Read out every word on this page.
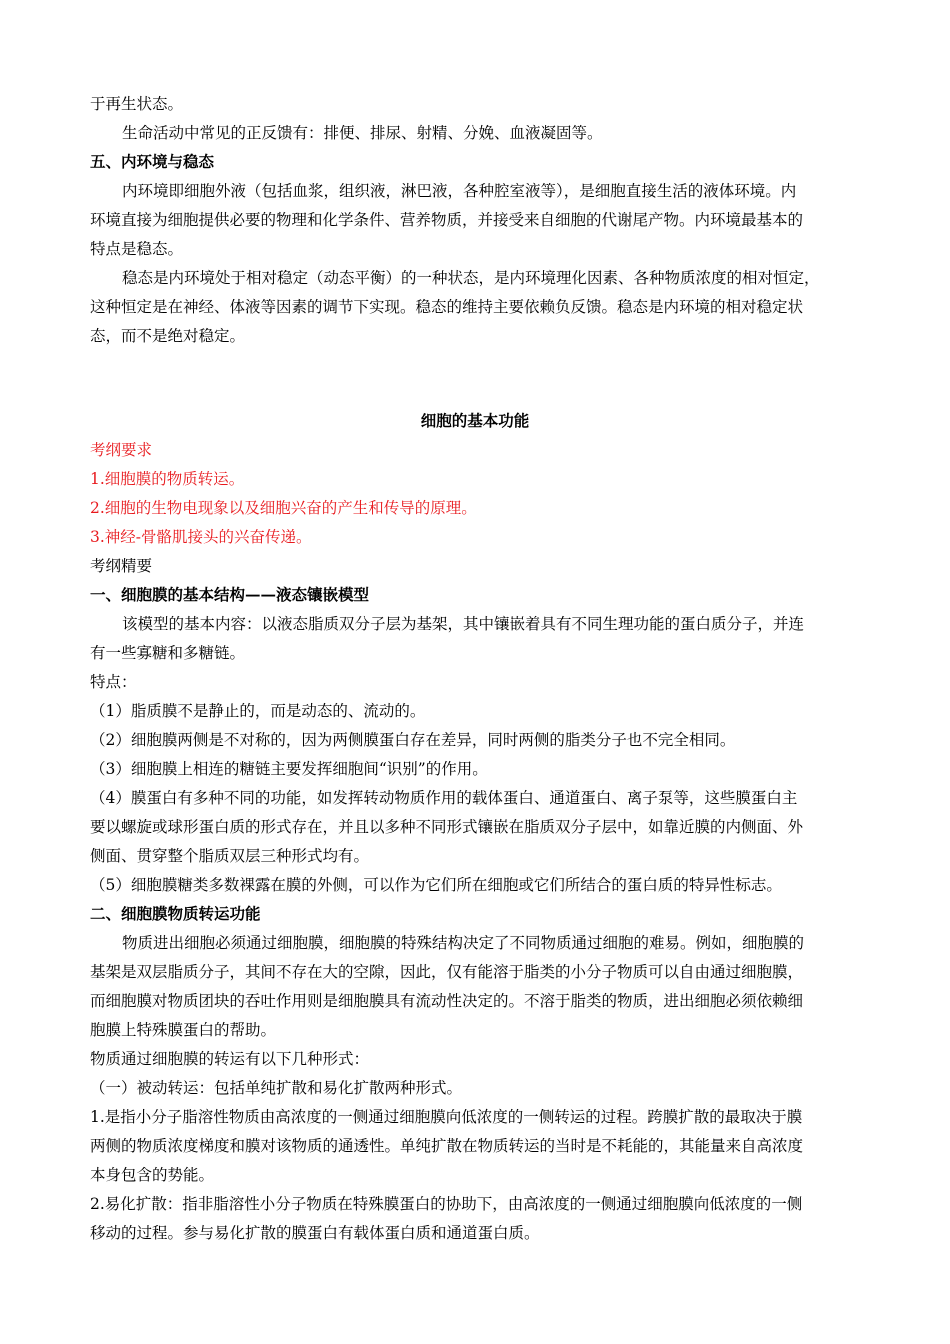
于再生状态。
生命活动中常见的正反馈有：排便、排尿、射精、分娩、血液凝固等。
五、内环境与稳态
内环境即细胞外液（包括血浆，组织液，淋巴液，各种腔室液等），是细胞直接生活的液体环境。内
环境直接为细胞提供必要的物理和化学条件、营养物质，并接受来自细胞的代谢尾产物。内环境最基本的
特点是稳态。
稳态是内环境处于相对稳定（动态平衡）的一种状态，是内环境理化因素、各种物质浓度的相对恒定，
这种恒定是在神经、体液等因素的调节下实现。稳态的维持主要依赖负反馈。稳态是内环境的相对稳定状
态，而不是绝对稳定。
细胞的基本功能
考纲要求
1.细胞膜的物质转运。
2.细胞的生物电现象以及细胞兴奋的产生和传导的原理。
3.神经-骨骼肌接头的兴奋传递。
考纲精要
一、细胞膜的基本结构——液态镶嵌模型
该模型的基本内容：以液态脂质双分子层为基架，其中镶嵌着具有不同生理功能的蛋白质分子，并连
有一些寡糖和多糖链。
特点：
（1）脂质膜不是静止的，而是动态的、流动的。
（2）细胞膜两侧是不对称的，因为两侧膜蛋白存在差异，同时两侧的脂类分子也不完全相同。
（3）细胞膜上相连的糖链主要发挥细胞间“识别”的作用。
（4）膜蛋白有多种不同的功能，如发挥转动物质作用的载体蛋白、通道蛋白、离子泵等，这些膜蛋白主
要以螺旋或球形蛋白质的形式存在，并且以多种不同形式镶嵌在脂质双分子层中，如靠近膜的内侧面、外
侧面、贯穿整个脂质双层三种形式均有。
（5）细胞膜糖类多数裸露在膜的外侧，可以作为它们所在细胞或它们所结合的蛋白质的特异性标志。
二、细胞膜物质转运功能
物质进出细胞必须通过细胞膜，细胞膜的特殊结构决定了不同物质通过细胞的难易。例如，细胞膜的
基架是双层脂质分子，其间不存在大的空隙，因此，仅有能溶于脂类的小分子物质可以自由通过细胞膜，
而细胞膜对物质团块的吞吐作用则是细胞膜具有流动性决定的。不溶于脂类的物质，进出细胞必须依赖细
胞膜上特殊膜蛋白的帮助。
物质通过细胞膜的转运有以下几种形式：
（一）被动转运：包括单纯扩散和易化扩散两种形式。
1.是指小分子脂溶性物质由高浓度的一侧通过细胞膜向低浓度的一侧转运的过程。跨膜扩散的最取决于膜
两侧的物质浓度梯度和膜对该物质的通透性。单纯扩散在物质转运的当时是不耗能的，其能量来自高浓度
本身包含的势能。
2.易化扩散：指非脂溶性小分子物质在特殊膜蛋白的协助下，由高浓度的一侧通过细胞膜向低浓度的一侧
移动的过程。参与易化扩散的膜蛋白有载体蛋白质和通道蛋白质。
